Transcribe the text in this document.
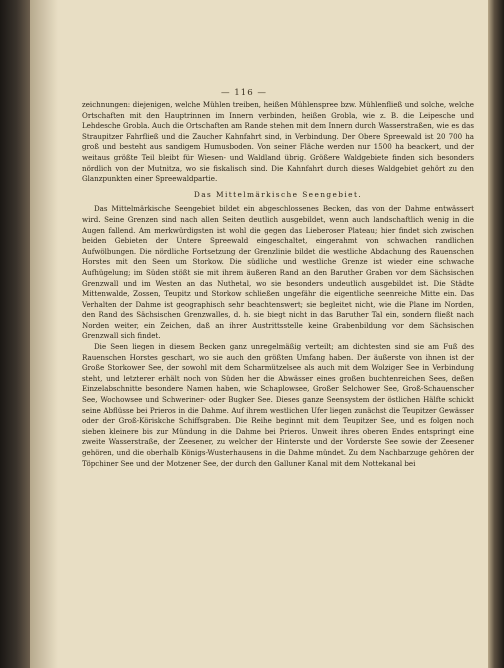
— 116 —

zeichnungen: diejenigen, welche Mühlen treiben, heißen Mühlenspree bzw. Mühlenfließ und solche, welche Ortschaften mit den Hauptrinnen im Innern verbinden, heißen Grobla, wie z. B. die Leipesche und Lehdesche Grobla. Auch die Ortschaften am Rande stehen mit dem Innern durch Wasserstraßen, wie es das Straupitzer Fahrfließ und die Zaucher Kahnfahrt sind, in Verbindung. Der Obere Spreewald ist 20 700 ha groß und besteht aus sandigem Humusboden. Von seiner Fläche werden nur 1500 ha beackert, und der weitaus größte Teil bleibt für Wiesen- und Waldland übrig. Größere Waldgebiete finden sich besonders nördlich von der Mutnitza, wo sie fiskalisch sind. Die Kahnfahrt durch dieses Waldgebiet gehört zu den Glanzpunkten einer Spreewaldpartie.

Das Mittelmärkische Seengebiet.

Das Mittelmärkische Seengebiet bildet ein abgeschlossenes Becken, das von der Dahme entwässert wird. Seine Grenzen sind nach allen Seiten deutlich ausgebildet, wenn auch landschaftlich wenig in die Augen fallend. Am merkwürdigsten ist wohl die gegen das Lieberoser Plateau; hier findet sich zwischen beiden Gebieten der Untere Spreewald eingeschaltet, eingerahmt von schwachen randlichen Aufwölbungen. Die nördliche Fortsetzung der Grenzlinie bildet die westliche Abdachung des Rauenschen Horstes mit den Seen um Storkow. Die südliche und westliche Grenze ist wieder eine schwache Aufhügelung; im Süden stößt sie mit ihrem äußeren Rand an den Baruther Graben vor dem Sächsischen Grenzwall und im Westen an das Nuthetal, wo sie besonders undeutlich ausgebildet ist. Die Städte Mittenwalde, Zossen, Teupitz und Storkow schließen ungefähr die eigentliche seenreiche Mitte ein. Das Verhalten der Dahme ist geographisch sehr beachtenswert; sie begleitet nicht, wie die Plane im Norden, den Rand des Sächsischen Grenzwalles, d. h. sie biegt nicht in das Baruther Tal ein, sondern fließt nach Norden weiter, ein Zeichen, daß an ihrer Austrittsstelle keine Grabenbildung vor dem Sächsischen Grenzwall sich findet.

Die Seen liegen in diesem Becken ganz unregelmäßig verteilt; am dichtesten sind sie am Fuß des Rauenschen Horstes geschart, wo sie auch den größten Umfang haben. Der äußerste von ihnen ist der Große Storkower See, der sowohl mit dem Scharmützelsee als auch mit dem Wolziger See in Verbindung steht, und letzterer erhält noch von Süden her die Abwässer eines großen buchtenreichen Sees, deßen Einzelabschnitte besondere Namen haben, wie Schaplowsee, Großer Selchower See, Groß-Schauenscher See, Wochowsee und Schweriner- oder Bugker See. Dieses ganze Seensystem der östlichen Hälfte schickt seine Abflüsse bei Prieros in die Dahme. Auf ihrem westlichen Ufer liegen zunächst die Teupitzer Gewässer oder der Groß-Köriskche Schiffsgraben. Die Reihe beginnt mit dem Teupitzer See, und es folgen noch sieben kleinere bis zur Mündung in die Dahme bei Prieros. Unweit ihres oberen Endes entspringt eine zweite Wasserstraße, der Zeesener, zu welcher der Hinterste und der Vorderste See sowie der Zeesener gehören, und die oberhalb Königs-Wusterhausens in die Dahme mündet. Zu dem Nachbarzuge gehören der Töpchiner See und der Motzener See, der durch den Galluner Kanal mit dem Nottekanal bei
